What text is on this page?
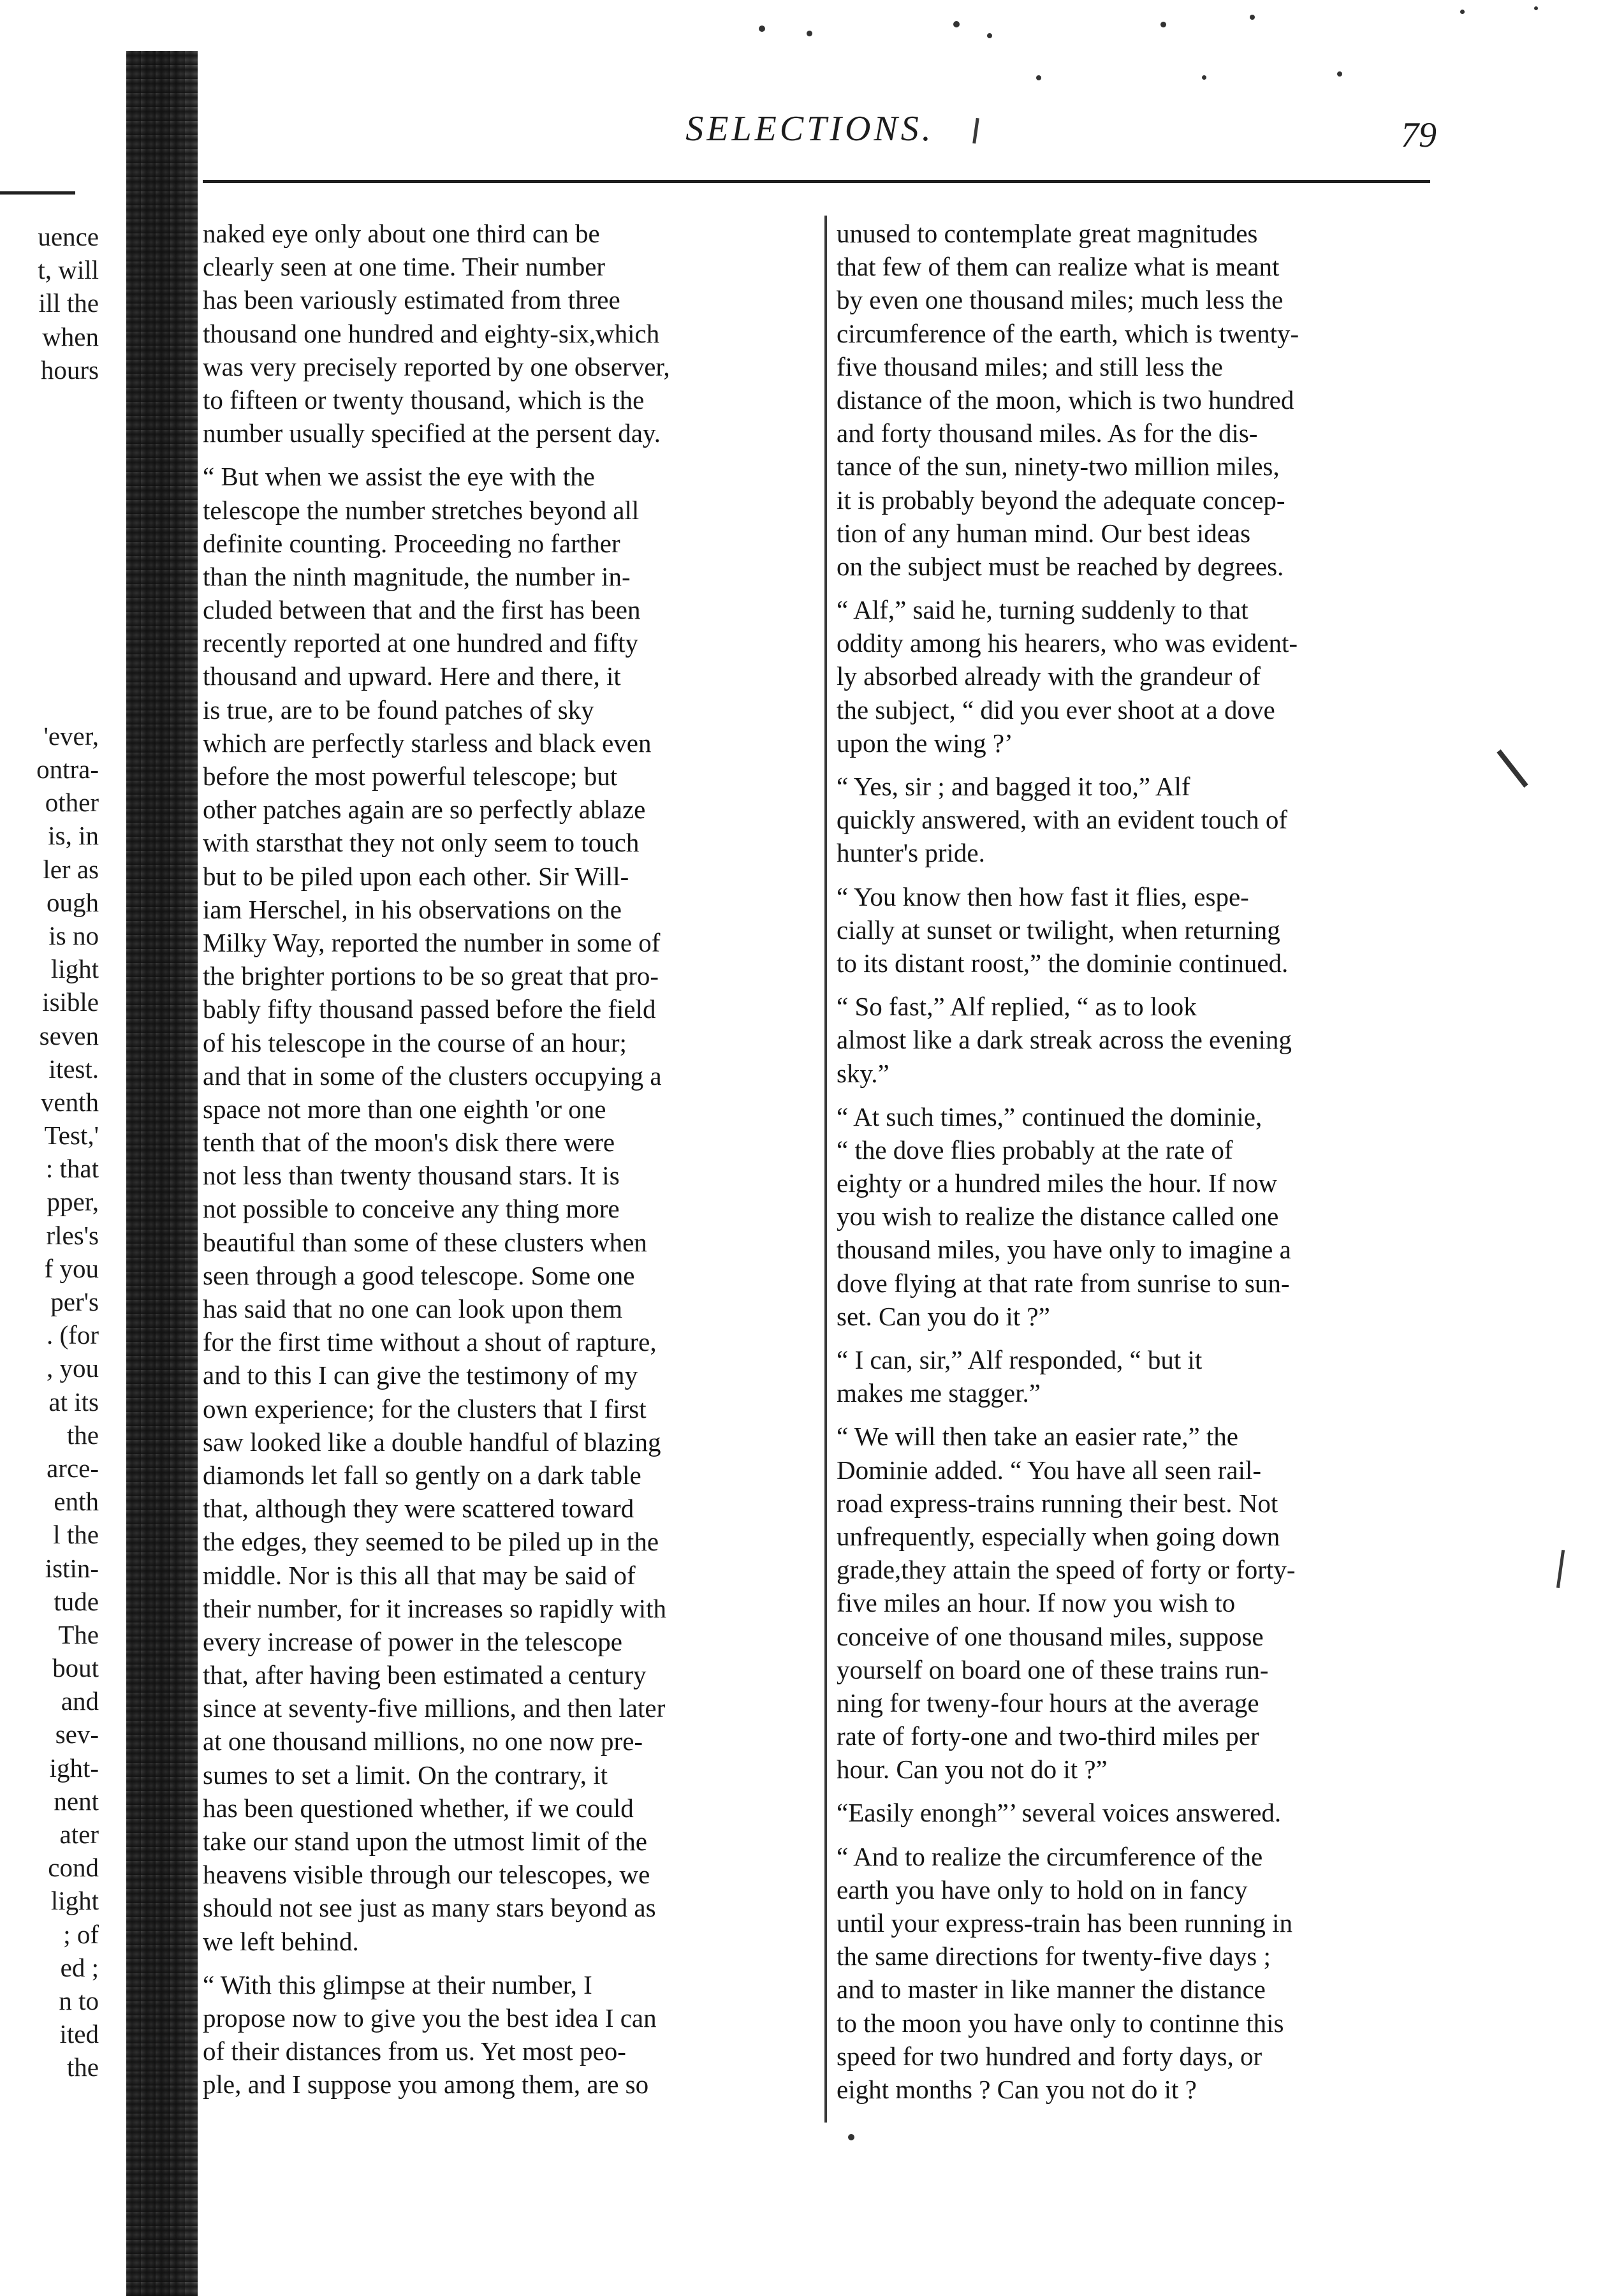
SELECTIONS.	79
uence
t, will
ill the
when
hours
'ever,
ontra-
other
is, in
ler as
ough
is no
light
isible
seven
itest.
venth
Test,'
: that
pper,
rles's
f you
per's
. (for
, you
at its
the
arce-
enth
l the
istin-
tude
The
bout
and
sev-
ight-
nent
ater
cond
light
; of
ed ;
n to
ited
the
naked eye only about one third can be
clearly seen at one time. Their number
has been variously estimated from three
thousand one hundred and eighty-six,which
was very precisely reported by one observer,
to fifteen or twenty thousand, which is the
number usually specified at the persent day.
“ But when we assist the eye with the
telescope the number stretches beyond all
definite counting. Proceeding no farther
than the ninth magnitude, the number in-
cluded between that and the first has been
recently reported at one hundred and fifty
thousand and upward. Here and there, it
is true, are to be found patches of sky
which are perfectly starless and black even
before the most powerful telescope; but
other patches again are so perfectly ablaze
with starsthat they not only seem to touch
but to be piled upon each other. Sir Will-
iam Herschel, in his observations on the
Milky Way, reported the number in some of
the brighter portions to be so great that pro-
bably fifty thousand passed before the field
of his telescope in the course of an hour;
and that in some of the clusters occupying a
space not more than one eighth 'or one
tenth that of the moon's disk there were
not less than twenty thousand stars. It is
not possible to conceive any thing more
beautiful than some of these clusters when
seen through a good telescope. Some one
has said that no one can look upon them
for the first time without a shout of rapture,
and to this I can give the testimony of my
own experience; for the clusters that I first
saw looked like a double handful of blazing
diamonds let fall so gently on a dark table
that, although they were scattered toward
the edges, they seemed to be piled up in the
middle. Nor is this all that may be said of
their number, for it increases so rapidly with
every increase of power in the telescope
that, after having been estimated a century
since at seventy-five millions, and then later
at one thousand millions, no one now pre-
sumes to set a limit. On the contrary, it
has been questioned whether, if we could
take our stand upon the utmost limit of the
heavens visible through our telescopes, we
should not see just as many stars beyond as
we left behind.
“ With this glimpse at their number, I
propose now to give you the best idea I can
of their distances from us. Yet most peo-
ple, and I suppose you among them, are so
unused to contemplate great magnitudes
that few of them can realize what is meant
by even one thousand miles; much less the
circumference of the earth, which is twenty-
five thousand miles; and still less the
distance of the moon, which is two hundred
and forty thousand miles. As for the dis-
tance of the sun, ninety-two million miles,
it is probably beyond the adequate concep-
tion of any human mind. Our best ideas
on the subject must be reached by degrees.
“ Alf,” said he, turning suddenly to that
oddity among his hearers, who was evident-
ly absorbed already with the grandeur of
the subject, “ did you ever shoot at a dove
upon the wing ?’
“ Yes, sir ; and bagged it too,” Alf
quickly answered, with an evident touch of
hunter's pride.
“ You know then how fast it flies, espe-
cially at sunset or twilight, when returning
to its distant roost,” the dominie continued.
“ So fast,” Alf replied, “ as to look
almost like a dark streak across the evening
sky.”
“ At such times,” continued the dominie,
“ the dove flies probably at the rate of
eighty or a hundred miles the hour. If now
you wish to realize the distance called one
thousand miles, you have only to imagine a
dove flying at that rate from sunrise to sun-
set. Can you do it ?”
“ I can, sir,” Alf responded, “ but it
makes me stagger.”
“ We will then take an easier rate,” the
Dominie added. “ You have all seen rail-
road express-trains running their best. Not
unfrequently, especially when going down
grade,they attain the speed of forty or forty-
five miles an hour. If now you wish to
conceive of one thousand miles, suppose
yourself on board one of these trains run-
ning for tweny-four hours at the average
rate of forty-one and two-third miles per
hour. Can you not do it ?”
“Easily enongh”’ several voices answered.
“ And to realize the circumference of the
earth you have only to hold on in fancy
until your express-train has been running in
the same directions for twenty-five days ;
and to master in like manner the distance
to the moon you have only to continne this
speed for two hundred and forty days, or
eight months ? Can you not do it ?
